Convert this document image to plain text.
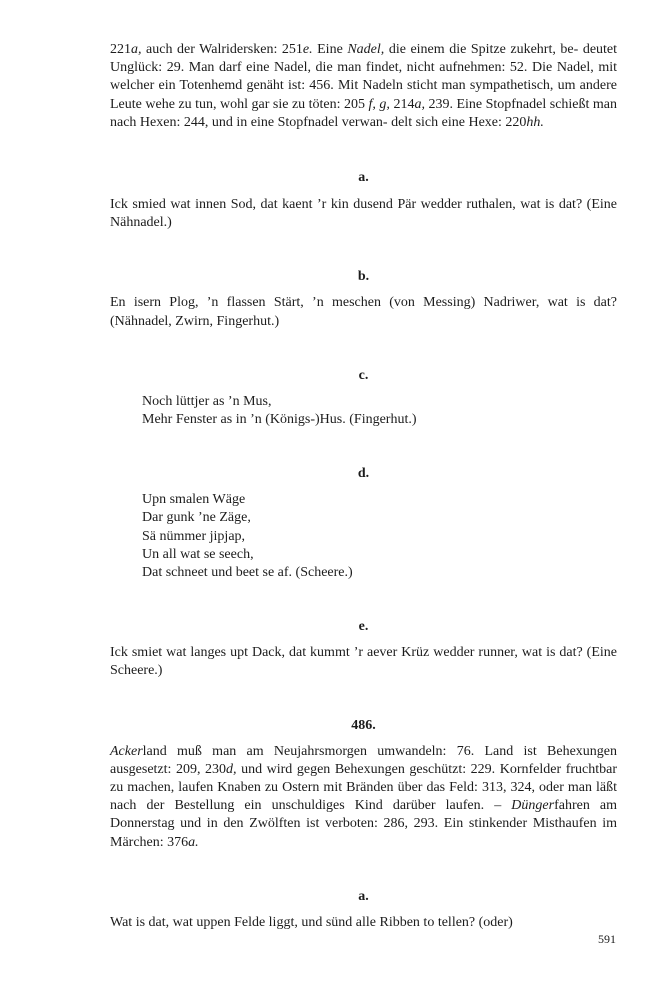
221a, auch der Walridersken: 251e. Eine Nadel, die einem die Spitze zukehrt, be- deutet Unglück: 29. Man darf eine Nadel, die man findet, nicht aufnehmen: 52. Die Nadel, mit welcher ein Totenhemd genäht ist: 456. Mit Nadeln sticht man sympathetisch, um andere Leute wehe zu tun, wohl gar sie zu töten: 205 f, g, 214a, 239. Eine Stopfnadel schießt man nach Hexen: 244, und in eine Stopfnadel verwan- delt sich eine Hexe: 220hh.

a.

Ick smied wat innen Sod, dat kaent ’r kin dusend Pär wedder ruthalen, wat is dat? (Eine Nähnadel.)

b.

En isern Plog, ’n flassen Stärt, ’n meschen (von Messing) Nadriwer, wat is dat? (Nähnadel, Zwirn, Fingerhut.)

c.
Noch lüttjer as ’n Mus,
Mehr Fenster as in ’n (Königs-)Hus. (Fingerhut.)
d.
Upn smalen Wäge
Dar gunk ’ne Zäge,
Sä nümmer jipjap,
Un all wat se seech,
Dat schneet und beet se af. (Scheere.)
e.

Ick smiet wat langes upt Dack, dat kummt ’r aever Krüz wedder runner, wat is dat? (Eine Scheere.)

486.

Ackerland muß man am Neujahrsmorgen umwandeln: 76. Land ist Behexungen ausgesetzt: 209, 230d, und wird gegen Behexungen geschützt: 229. Kornfelder fruchtbar zu machen, laufen Knaben zu Ostern mit Bränden über das Feld: 313, 324, oder man läßt nach der Bestellung ein unschuldiges Kind darüber laufen. – Düngerfahren am Donnerstag und in den Zwölften ist verboten: 286, 293. Ein stinkender Misthaufen im Märchen: 376a.

a.

Wat is dat, wat uppen Felde liggt, und sünd alle Ribben to tellen? (oder)

591
